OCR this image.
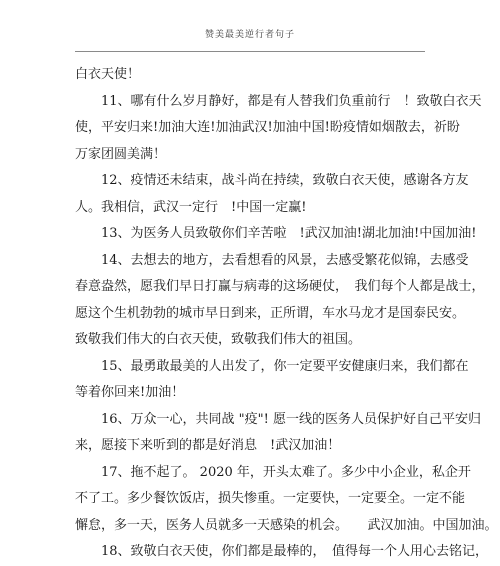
赞美最美逆行者句子
白衣天使！
11、哪有什么岁月静好，都是有人替我们负重前行　！致敬白衣天
使，平安归来!加油大连!加油武汉!加油中国!盼疫情如烟散去，祈盼
万家团圆美满！
12、疫情还未结束，战斗尚在持续，致敬白衣天使，感谢各方友
人。我相信，武汉一定行　!中国一定赢!
13、为医务人员致敬你们辛苦啦　!武汉加油!湖北加油!中国加油!
14、去想去的地方，去看想看的风景，去感受繁花似锦，去感受
春意盎然，愿我们早日打赢与病毒的这场硬仗，　我们每个人都是战士，
愿这个生机勃勃的城市早日到来，正所谓，车水马龙才是国泰民安。
致敬我们伟大的白衣天使，致敬我们伟大的祖国。
15、最勇敢最美的人出发了，你一定要平安健康归来，我们都在
等着你回来!加油！
16、万众一心，共同战 "疫"! 愿一线的医务人员保护好自己平安归
来，愿接下来听到的都是好消息　!武汉加油！
17、拖不起了。 2020 年，开头太难了。多少中小企业，私企开
不了工。多少餐饮饭店，损失惨重。一定要快，一定要全。一定不能
懈怠，多一天，医务人员就多一天感染的机会。　　武汉加油。中国加油。
18、致敬白衣天使，你们都是最棒的，　值得每一个人用心去铭记，
